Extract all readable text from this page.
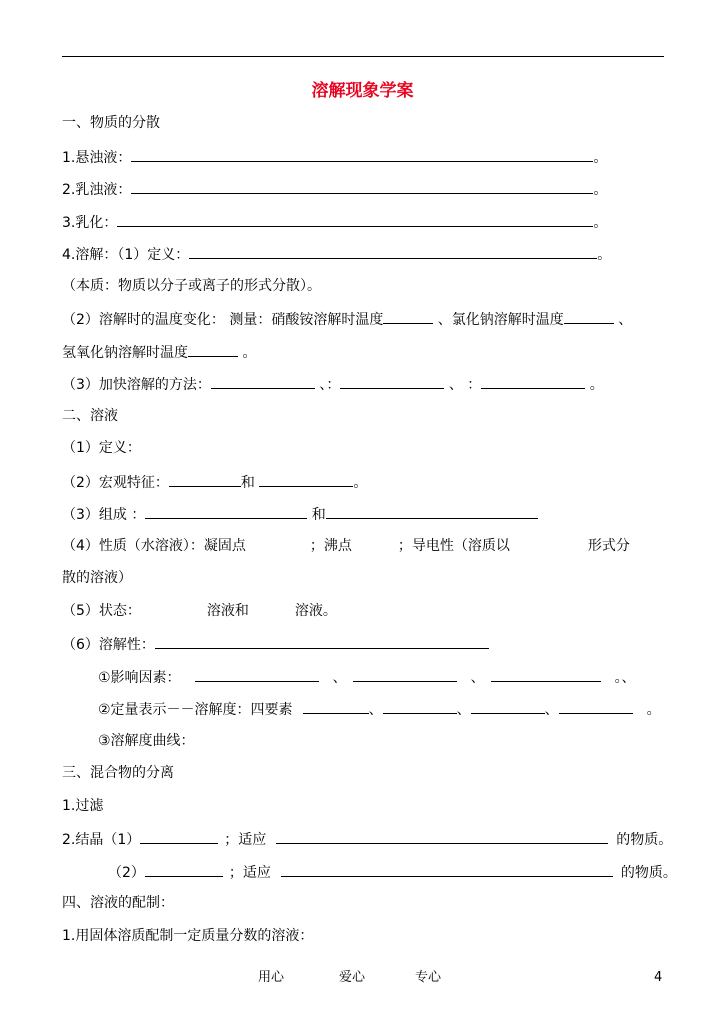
溶解现象学案
一、物质的分散
1.悬浊液：	。
2.乳浊液：	。
3.乳化：	。
4.溶解：（1）定义：	。
（本质：物质以分子或离子的形式分散）。
（2）溶解时的温度变化： 测量：硝酸铵溶解时温度	、氯化钠溶解时温度	、
氢氧化钠溶解时温度	。
（3）加快溶解的方法：	、：	、 ：	。
二、溶液
（1）定义：
（2）宏观特征：	和	。
（3）组成 ：	和
（4）性质（水溶液）：凝固点	；沸点	；导电性（溶质以	形式分
散的溶液）
（5）状态：	溶液和	溶液。
（6）溶解性：
①影响因素：	、	、	。、
②定量表示－－溶解度：四要素	、	、	、	。
③溶解度曲线：
三、混合物的分离
1.过滤
2.结晶（1）	；适应	的物质。
（2）	；适应	的物质。
四、溶液的配制：
1.用固体溶质配制一定质量分数的溶液：
用心	爱心	专心	4
